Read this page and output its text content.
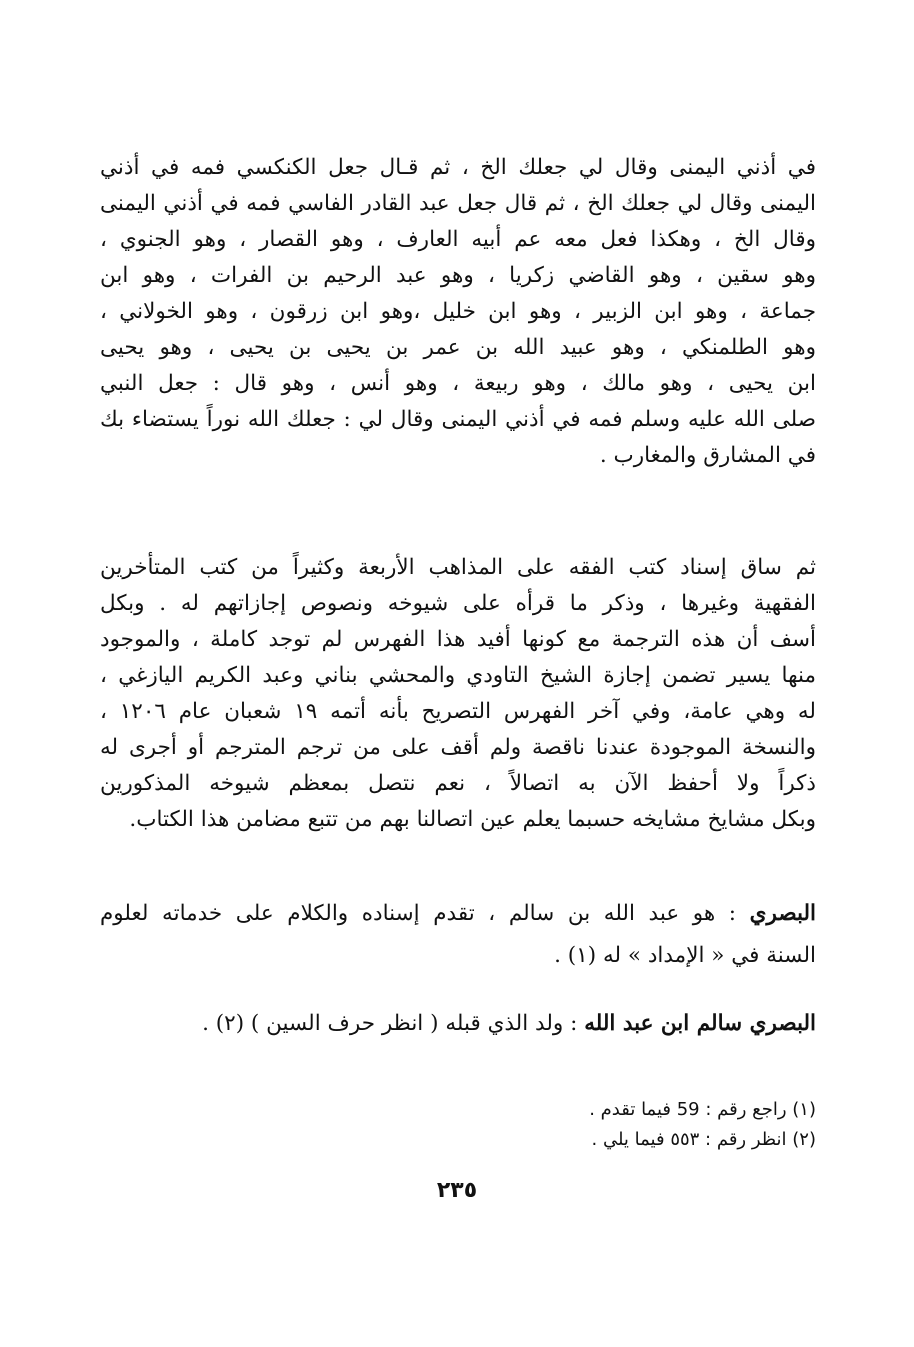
في أذني اليمنى وقال لي جعلك الخ ، ثم قـال جعل الكنكسي فمه في أذني
اليمنى وقال لي جعلك الخ ، ثم قال جعل عبد القادر الفاسي فمه في أذني اليمنى
وقال الخ ، وهكذا فعل معه عم أبيه العارف ، وهو القصار ، وهو الجنوي ،
وهو سقين ، وهو القاضي زكريا ، وهو عبد الرحيم بن الفرات ، وهو ابن
جماعة ، وهو ابن الزبير ، وهو ابن خليل ،وهو ابن زرقون ، وهو الخولاني ،
وهو الطلمنكي ، وهو عبيد الله بن عمر بن يحيى بن يحيى ، وهو يحيى
ابن يحيى ، وهو مالك ، وهو ربيعة ، وهو أنس ، وهو قال : جعل النبي
صلى الله عليه وسلم فمه في أذني اليمنى وقال لي : جعلك الله نوراً يستضاء بك
في المشارق والمغارب .
ثم ساق إسناد كتب الفقه على المذاهب الأربعة وكثيراً من كتب المتأخرين
الفقهية وغيرها ، وذكر ما قرأه على شيوخه ونصوص إجازاتهم له . وبكل
أسف أن هذه الترجمة مع كونها أفيد هذا الفهرس لم توجد كاملة ، والموجود
منها يسير تضمن إجازة الشيخ التاودي والمحشي بناني وعبد الكريم اليازغي ،
له وهي عامة، وفي آخر الفهرس التصريح بأنه أتمه ١٩ شعبان عام ١٢٠٦ ،
والنسخة الموجودة عندنا ناقصة ولم أقف على من ترجم المترجم أو أجرى له
ذكراً ولا أحفظ الآن به اتصالاً ، نعم نتصل بمعظم شيوخه المذكورين
وبكل مشايخ مشايخه حسبما يعلم عين اتصالنا بهم من تتبع مضامن هذا الكتاب.
البصري : هو عبد الله بن سالم ، تقدم إسناده والكلام على خدماته لعلوم
السنة في « الإمداد » له (١) .
البصري سالم ابن عبد الله : ولد الذي قبله ( انظر حرف السين ) (٢) .
(١) راجع رقم : 59 فيما تقدم .
(٢) انظر رقم : ٥٥٣ فيما يلي .
٢٣٥
